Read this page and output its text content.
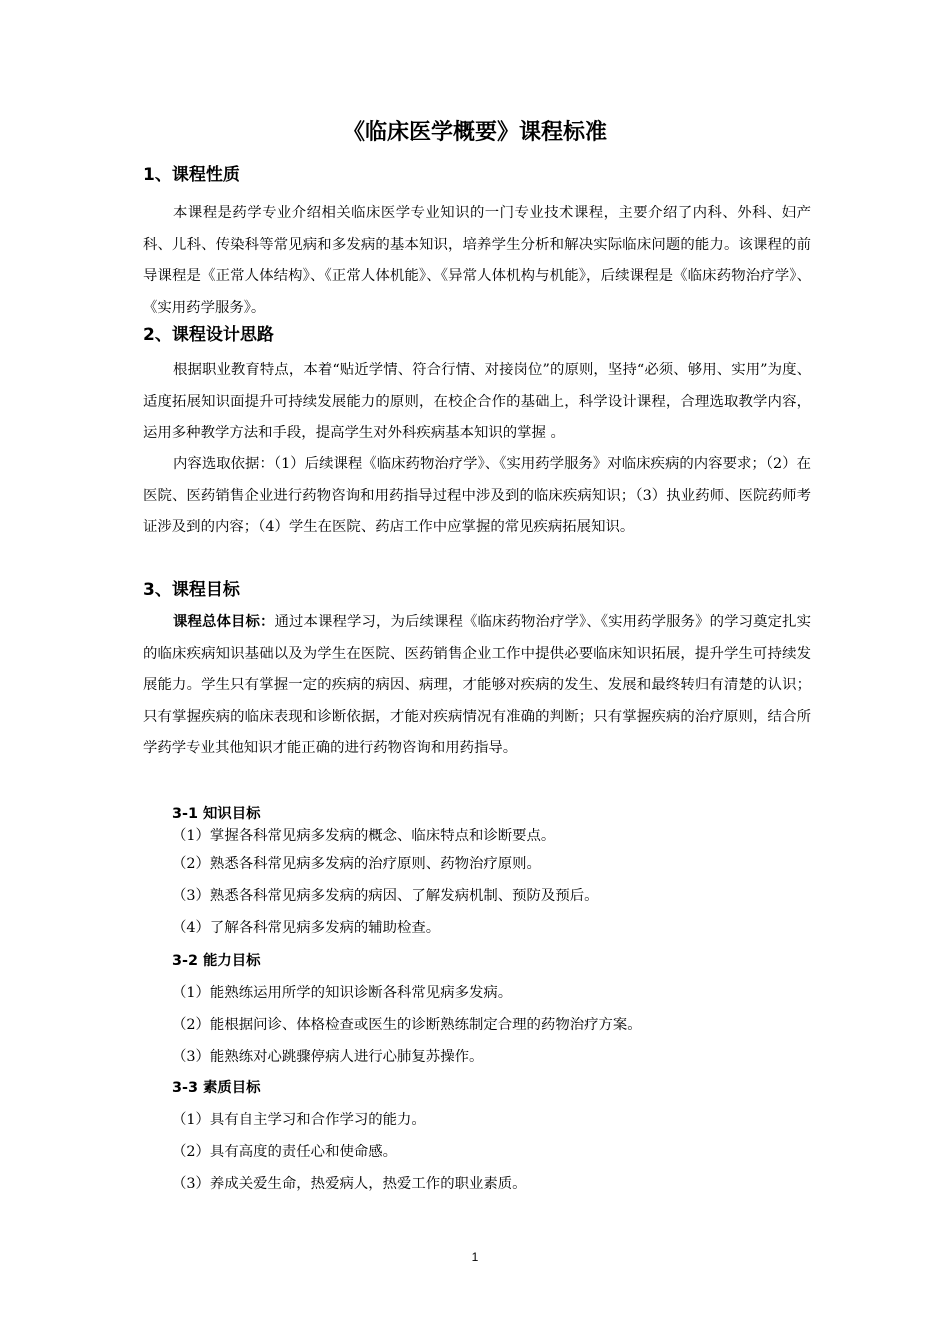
《临床医学概要》课程标准
1、课程性质

本课程是药学专业介绍相关临床医学专业知识的一门专业技术课程，主要介绍了内科、外科、妇产科、儿科、传染科等常见病和多发病的基本知识，培养学生分析和解决实际临床问题的能力。该课程的前导课程是《正常人体结构》、《正常人体机能》、《异常人体机构与机能》，后续课程是《临床药物治疗学》、《实用药学服务》。

2、课程设计思路

根据职业教育特点，本着“贴近学情、符合行情、对接岗位”的原则，坚持“必须、够用、实用”为度、适度拓展知识面提升可持续发展能力的原则，在校企合作的基础上，科学设计课程，合理选取教学内容，运用多种教学方法和手段，提高学生对外科疾病基本知识的掌握 。

内容选取依据：（1）后续课程《临床药物治疗学》、《实用药学服务》对临床疾病的内容要求；（2）在医院、医药销售企业进行药物咨询和用药指导过程中涉及到的临床疾病知识；（3）执业药师、医院药师考证涉及到的内容；（4）学生在医院、药店工作中应掌握的常见疾病拓展知识。

3、课程目标

课程总体目标：通过本课程学习，为后续课程《临床药物治疗学》、《实用药学服务》的学习奠定扎实的临床疾病知识基础以及为学生在医院、医药销售企业工作中提供必要临床知识拓展，提升学生可持续发展能力。学生只有掌握一定的疾病的病因、病理，才能够对疾病的发生、发展和最终转归有清楚的认识；只有掌握疾病的临床表现和诊断依据，才能对疾病情况有准确的判断；只有掌握疾病的治疗原则，结合所学药学专业其他知识才能正确的进行药物咨询和用药指导。

3-1 知识目标

（1）掌握各科常见病多发病的概念、临床特点和诊断要点。

（2）熟悉各科常见病多发病的治疗原则、药物治疗原则。

（3）熟悉各科常见病多发病的病因、了解发病机制、预防及预后。

（4）了解各科常见病多发病的辅助检查。

3-2 能力目标

（1）能熟练运用所学的知识诊断各科常见病多发病。

（2）能根据问诊、体格检查或医生的诊断熟练制定合理的药物治疗方案。

（3）能熟练对心跳骤停病人进行心肺复苏操作。

3-3 素质目标

（1）具有自主学习和合作学习的能力。

（2）具有高度的责任心和使命感。

（3）养成关爱生命，热爱病人，热爱工作的职业素质。

1
